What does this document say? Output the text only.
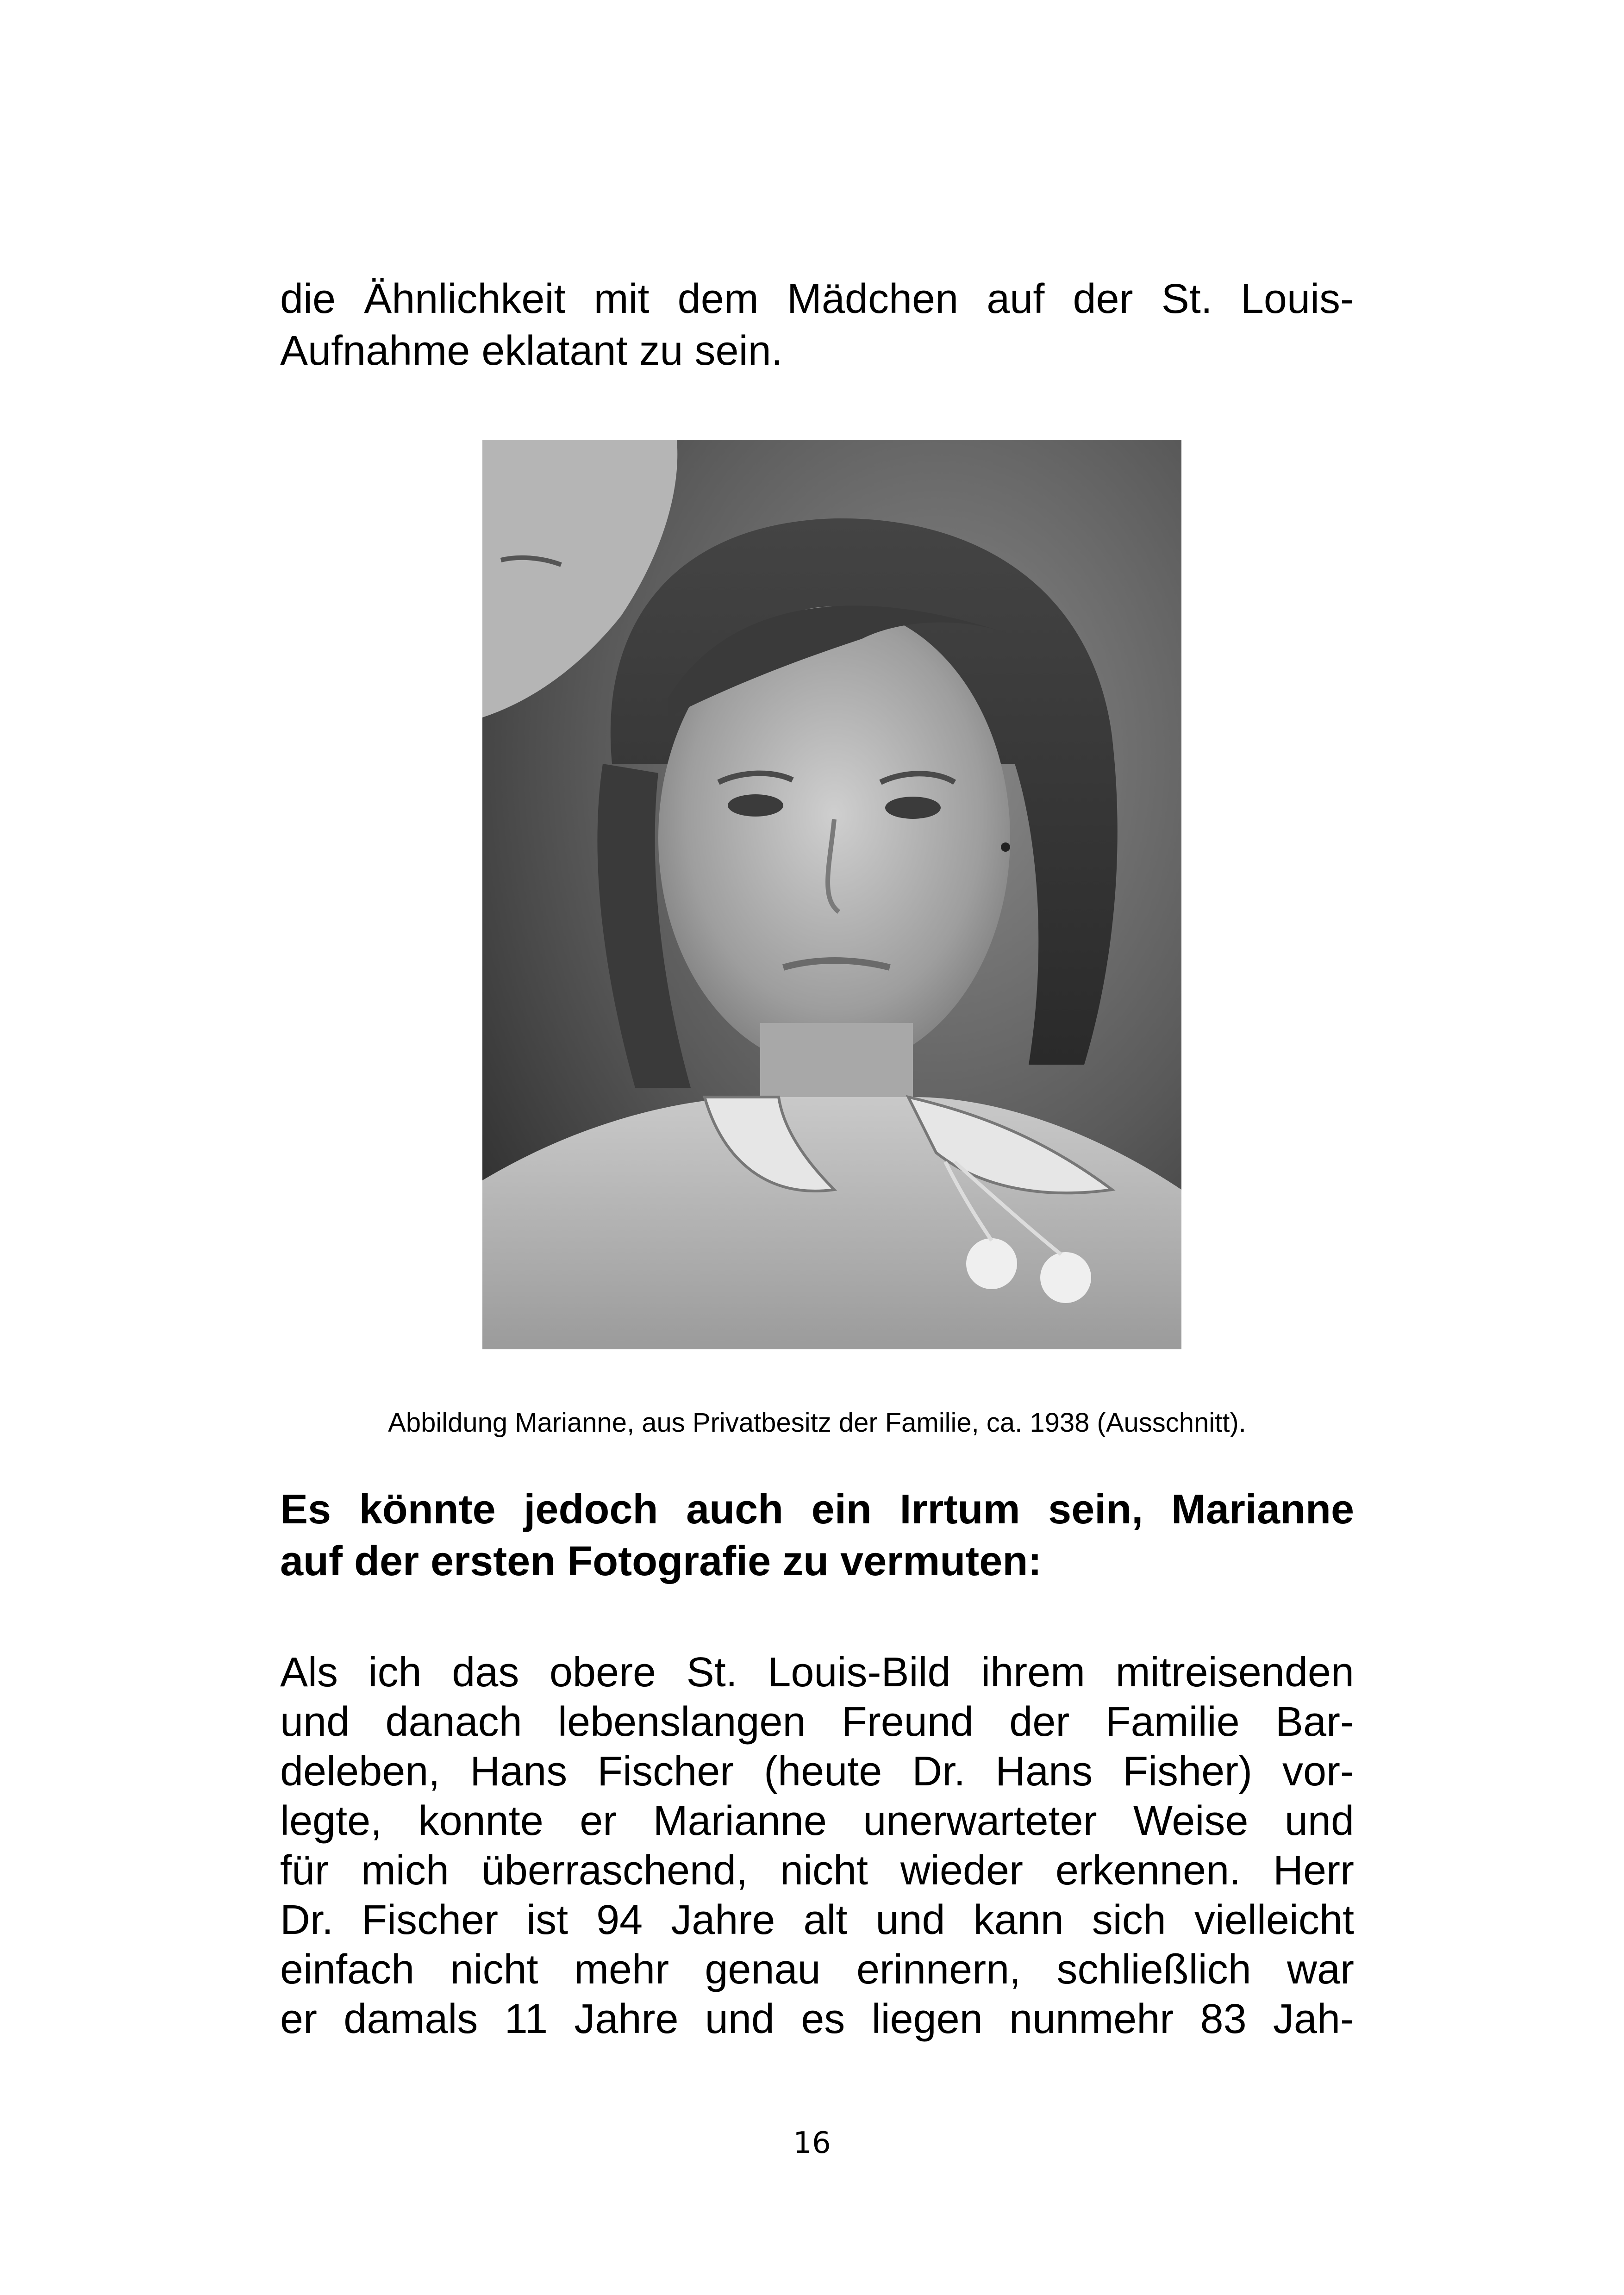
die Ähnlichkeit mit dem Mädchen auf der St. Louis-
Aufnahme eklatant zu sein.
Abbildung Marianne, aus Privatbesitz der Familie, ca. 1938 (Ausschnitt).
Es könnte jedoch auch ein Irrtum sein, Marianne
auf der ersten Fotografie zu vermuten:
Als ich das obere St. Louis-Bild ihrem mitreisenden
und danach lebenslangen Freund der Familie Bar-
deleben, Hans Fischer (heute Dr. Hans Fisher) vor-
legte, konnte er Marianne unerwarteter Weise und
für mich überraschend, nicht wieder erkennen. Herr
Dr. Fischer ist 94 Jahre alt und kann sich vielleicht
einfach nicht mehr genau erinnern, schließlich war
er damals 11 Jahre und es liegen nunmehr 83 Jah-
16
